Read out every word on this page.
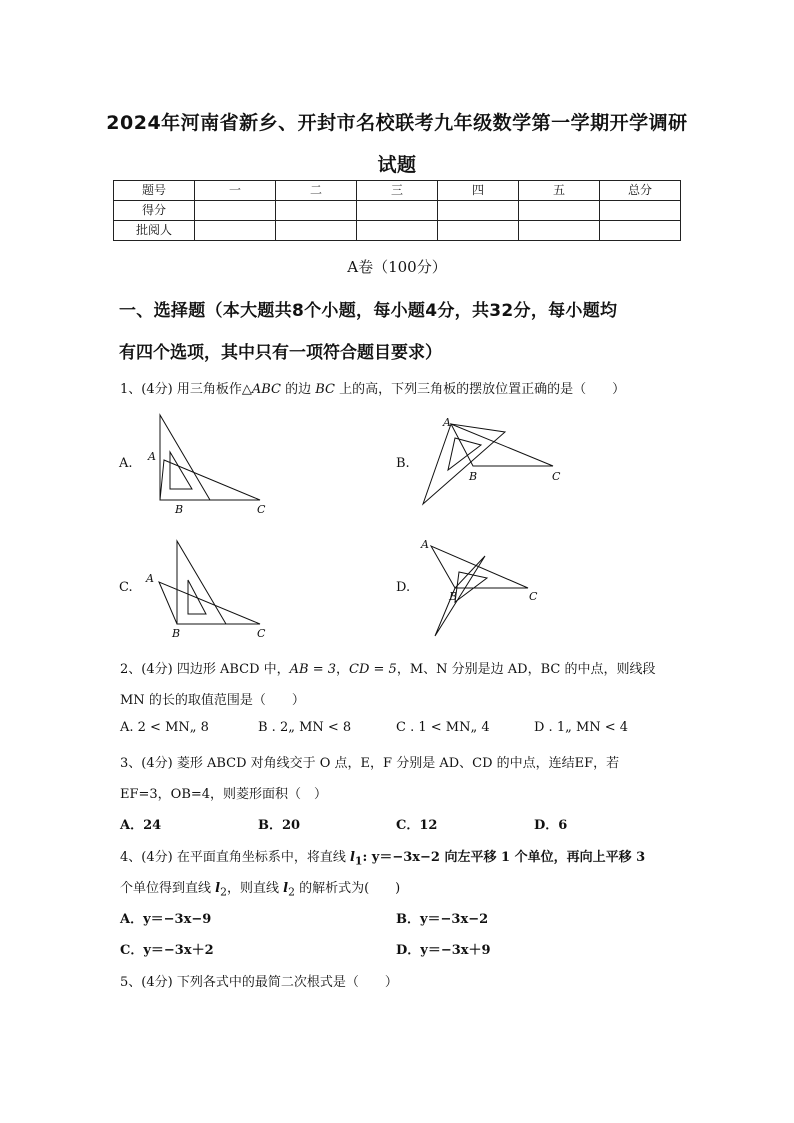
2024年河南省新乡、开封市名校联考九年级数学第一学期开学调研
试题
题号	一	二	三	四	五	总分
得分						
批阅人						
A卷（100分）
一、选择题（本大题共8个小题，每小题4分，共32分，每小题均
有四个选项，其中只有一项符合题目要求）
1、(4分) 用三角板作△ABC 的边 BC 上的高，下列三角板的摆放位置正确的是（　　）
A.	B.
C.	D.
A
B	C
A
B	C
A
B	C
A
B	C
2、(4分) 四边形 ABCD 中，AB = 3，CD = 5，M、N 分别是边 AD，BC 的中点，则线段
MN 的长的取值范围是（　　）
A. 2 < MN„ 8	B . 2„ MN < 8	C . 1 < MN„ 4	D . 1„ MN < 4
3、(4分) 菱形 ABCD 对角线交于 O 点，E，F 分别是 AD、CD 的中点，连结EF，若
EF=3，OB=4，则菱形面积（　）
A．24	B．20	C．12	D．6
4、(4分) 在平面直角坐标系中，将直线 $l_1$: y＝−3x−2 向左平移 1 个单位，再向上平移 3
个单位得到直线 $l_2$，则直线 $l_2$ 的解析式为(　　)
A．y＝−3x−9	B．y＝−3x−2
C．y＝−3x＋2	D．y＝−3x＋9
5、(4分) 下列各式中的最简二次根式是（　　）
